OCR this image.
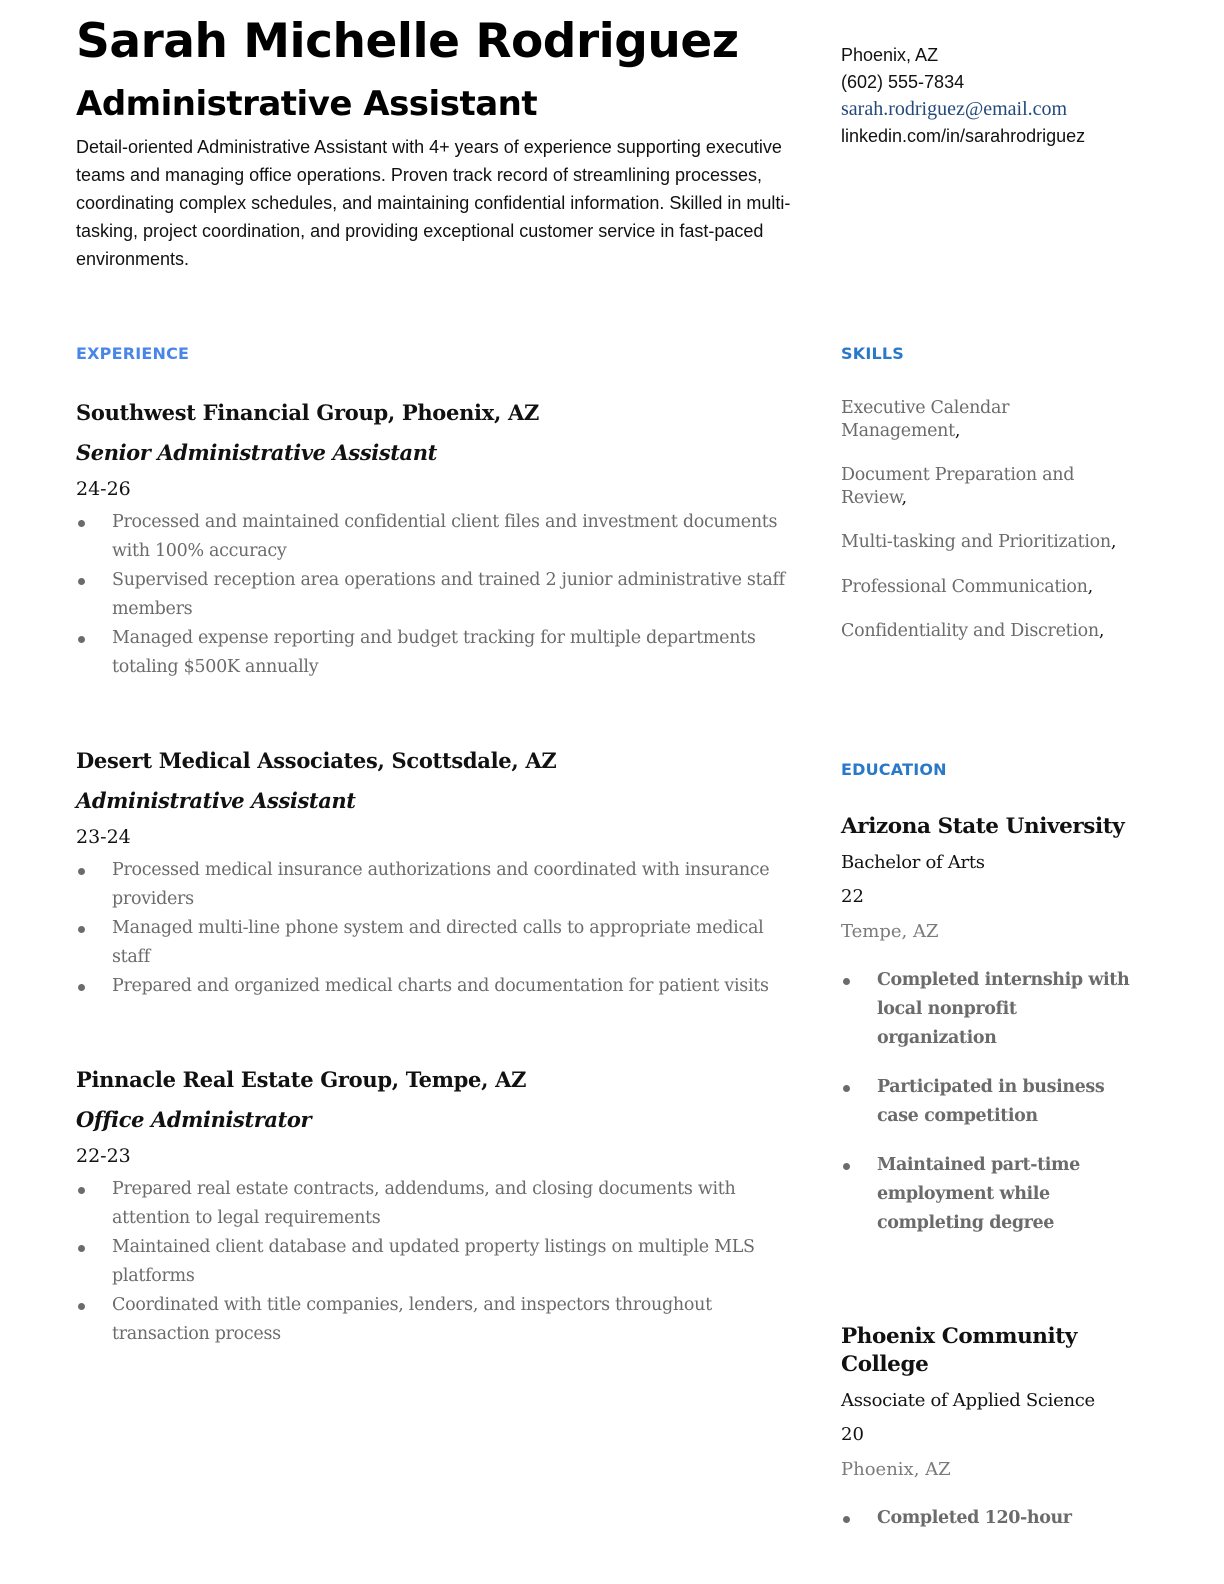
Sarah Michelle Rodriguez
Administrative Assistant

Detail-oriented Administrative Assistant with 4+ years of experience supporting executive teams and managing office operations. Proven track record of streamlining processes, coordinating complex schedules, and maintaining confidential information. Skilled in multi-tasking, project coordination, and providing exceptional customer service in fast-paced environments.

Phoenix, AZ
(602) 555-7834
sarah.rodriguez@email.com
linkedin.com/in/sarahrodriguez
EXPERIENCE
Southwest Financial Group, Phoenix, AZ
Senior Administrative Assistant
24-26
Processed and maintained confidential client files and investment documents with 100% accuracy
Supervised reception area operations and trained 2 junior administrative staff members
Managed expense reporting and budget tracking for multiple departments totaling $500K annually
Desert Medical Associates, Scottsdale, AZ
Administrative Assistant
23-24
Processed medical insurance authorizations and coordinated with insurance providers
Managed multi-line phone system and directed calls to appropriate medical staff
Prepared and organized medical charts and documentation for patient visits
Pinnacle Real Estate Group, Tempe, AZ
Office Administrator
22-23
Prepared real estate contracts, addendums, and closing documents with attention to legal requirements
Maintained client database and updated property listings on multiple MLS platforms
Coordinated with title companies, lenders, and inspectors throughout transaction process
SKILLS
Executive Calendar Management,
Document Preparation and Review,
Multi-tasking and Prioritization,
Professional Communication,
Confidentiality and Discretion,
EDUCATION
Arizona State University
Bachelor of Arts
22
Tempe, AZ
Completed internship with local nonprofit organization
Participated in business case competition
Maintained part-time employment while completing degree
Phoenix Community College
Associate of Applied Science
20
Phoenix, AZ
Completed 120-hour
